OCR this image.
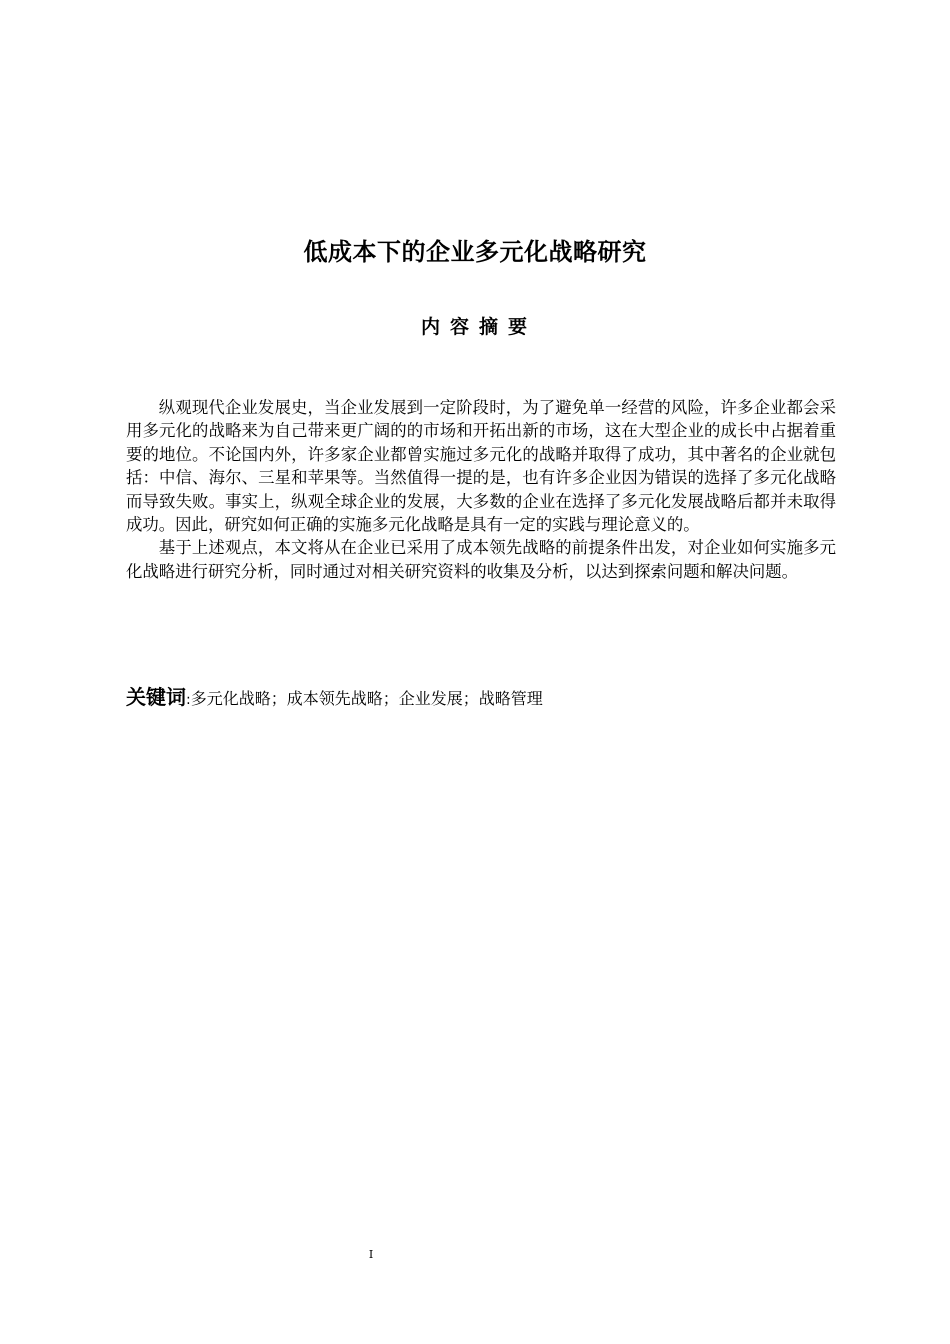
低成本下的企业多元化战略研究
内容摘要

纵观现代企业发展史，当企业发展到一定阶段时，为了避免单一经营的风险，许多企业都会采用多元化的战略来为自己带来更广阔的的市场和开拓出新的市场，这在大型企业的成长中占据着重要的地位。不论国内外，许多家企业都曾实施过多元化的战略并取得了成功，其中著名的企业就包括：中信、海尔、三星和苹果等。当然值得一提的是，也有许多企业因为错误的选择了多元化战略而导致失败。事实上，纵观全球企业的发展，大多数的企业在选择了多元化发展战略后都并未取得成功。因此，研究如何正确的实施多元化战略是具有一定的实践与理论意义的。

基于上述观点，本文将从在企业已采用了成本领先战略的前提条件出发，对企业如何实施多元化战略进行研究分析，同时通过对相关研究资料的收集及分析，以达到探索问题和解决问题。

关键词:多元化战略；成本领先战略；企业发展；战略管理
I
